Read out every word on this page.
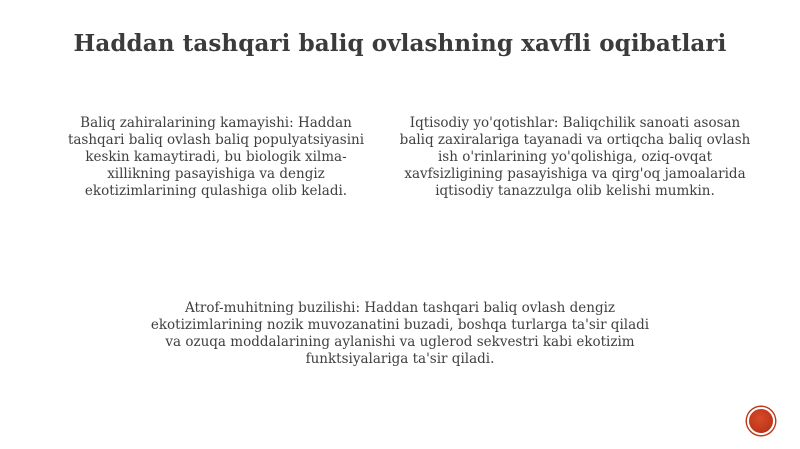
Haddan tashqari baliq ovlashning xavfli oqibatlari
Baliq zahiralarining kamayishi: Haddan tashqari baliq ovlash baliq populyatsiyasini keskin kamaytiradi, bu biologik xilma-xillikning pasayishiga va dengiz ekotizimlarining qulashiga olib keladi.
Iqtisodiy yo'qotishlar: Baliqchilik sanoati asosan baliq zaxiralariga tayanadi va ortiqcha baliq ovlash ish o'rinlarining yo'qolishiga, oziq-ovqat xavfsizligining pasayishiga va qirg'oq jamoalarida iqtisodiy tanazzulga olib kelishi mumkin.
Atrof-muhitning buzilishi: Haddan tashqari baliq ovlash dengiz ekotizimlarining nozik muvozanatini buzadi, boshqa turlarga ta'sir qiladi va ozuqa moddalarining aylanishi va uglerod sekvestri kabi ekotizim funktsiyalariga ta'sir qiladi.
